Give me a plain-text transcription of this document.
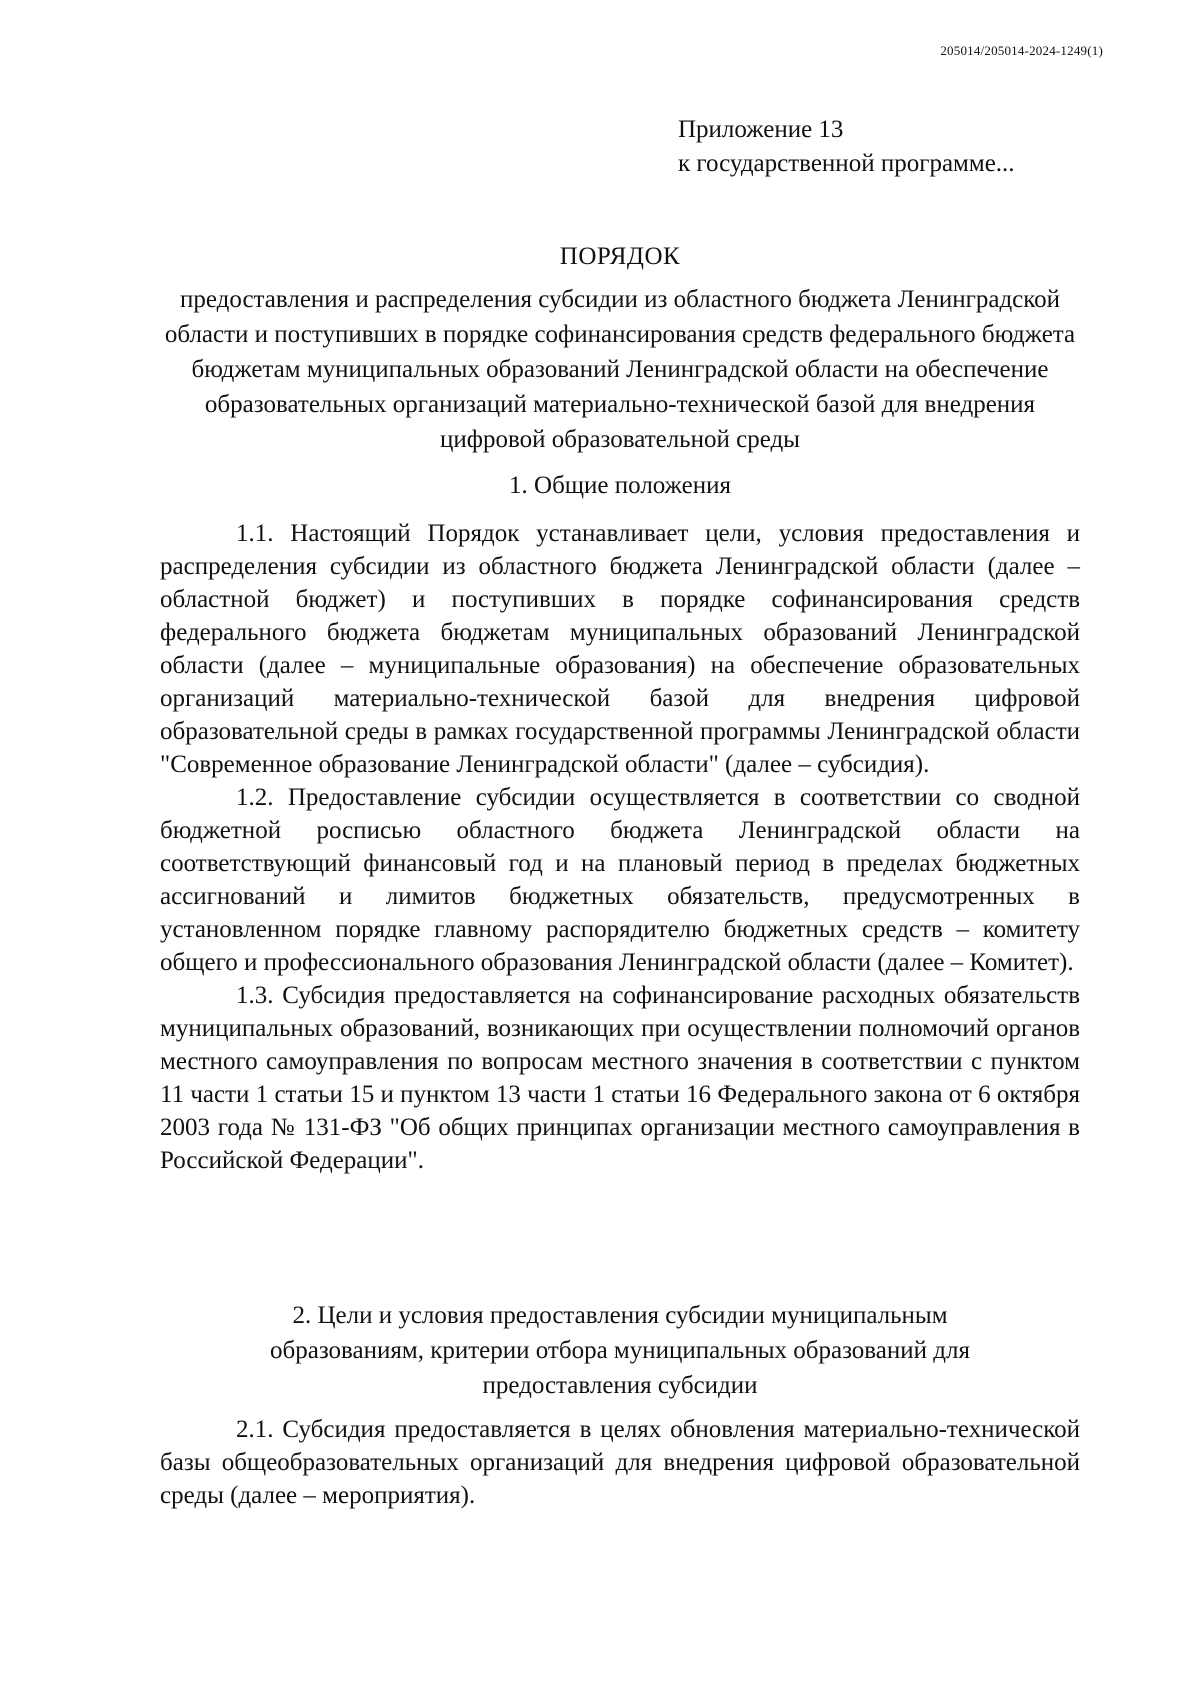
205014/205014-2024-1249(1)
Приложение 13
к государственной программе...
ПОРЯДОК
предоставления и распределения субсидии из областного бюджета Ленинградской области и поступивших в порядке софинансирования средств федерального бюджета бюджетам муниципальных образований Ленинградской области на обеспечение образовательных организаций материально-технической базой для внедрения цифровой образовательной среды
1. Общие положения

1.1. Настоящий Порядок устанавливает цели, условия предоставления и распределения субсидии из областного бюджета Ленинградской области (далее – областной бюджет) и поступивших в порядке софинансирования средств федерального бюджета бюджетам муниципальных образований Ленинградской области (далее – муниципальные образования) на обеспечение образовательных организаций материально-технической базой для внедрения цифровой образовательной среды в рамках государственной программы Ленинградской области "Современное образование Ленинградской области" (далее – субсидия).

1.2. Предоставление субсидии осуществляется в соответствии со сводной бюджетной росписью областного бюджета Ленинградской области на соответствующий финансовый год и на плановый период в пределах бюджетных ассигнований и лимитов бюджетных обязательств, предусмотренных в установленном порядке главному распорядителю бюджетных средств – комитету общего и профессионального образования Ленинградской области (далее – Комитет).

1.3. Субсидия предоставляется на софинансирование расходных обязательств муниципальных образований, возникающих при осуществлении полномочий органов местного самоуправления по вопросам местного значения в соответствии с пунктом 11 части 1 статьи 15 и пунктом 13 части 1 статьи 16 Федерального закона от 6 октября 2003 года № 131-ФЗ "Об общих принципах организации местного самоуправления в Российской Федерации".

2. Цели и условия предоставления субсидии муниципальным образованиям, критерии отбора муниципальных образований для предоставления субсидии

2.1. Субсидия предоставляется в целях обновления материально-технической базы общеобразовательных организаций для внедрения цифровой образовательной среды (далее – мероприятия).
